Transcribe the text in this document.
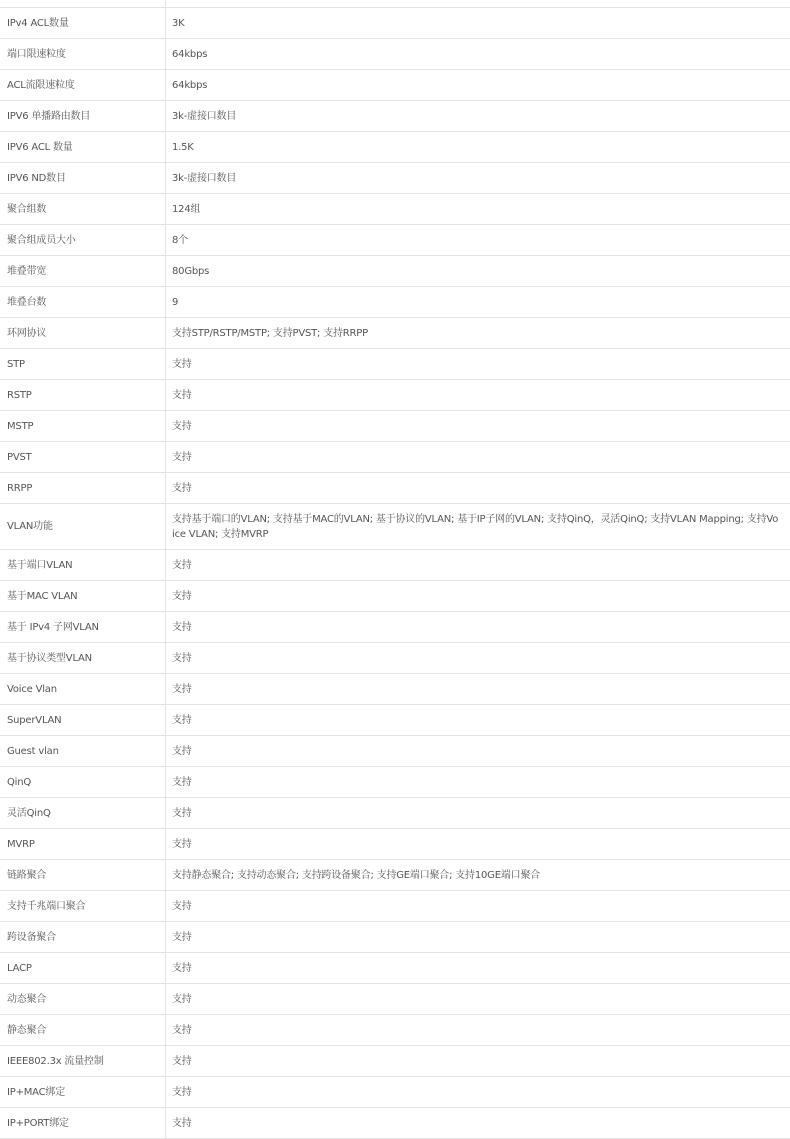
IPv4 ACL数量	3K
端口限速粒度	64kbps
ACL流限速粒度	64kbps
IPV6 单播路由数目	3k-虚接口数目
IPV6 ACL 数量	1.5K
IPV6 ND数目	3k-虚接口数目
聚合组数	124组
聚合组成员大小	8个
堆叠带宽	80Gbps
堆叠台数	9
环网协议	支持STP/RSTP/MSTP; 支持PVST; 支持RRPP
STP	支持
RSTP	支持
MSTP	支持
PVST	支持
RRPP	支持
VLAN功能	支持基于端口的VLAN; 支持基于MAC的VLAN; 基于协议的VLAN; 基于IP子网的VLAN; 支持QinQ，灵活QinQ; 支持VLAN Mapping; 支持Voice VLAN; 支持MVRP
基于端口VLAN	支持
基于MAC VLAN	支持
基于 IPv4 子网VLAN	支持
基于协议类型VLAN	支持
Voice Vlan	支持
SuperVLAN	支持
Guest vlan	支持
QinQ	支持
灵活QinQ	支持
MVRP	支持
链路聚合	支持静态聚合; 支持动态聚合; 支持跨设备聚合; 支持GE端口聚合; 支持10GE端口聚合
支持千兆端口聚合	支持
跨设备聚合	支持
LACP	支持
动态聚合	支持
静态聚合	支持
IEEE802.3x 流量控制	支持
IP+MAC绑定	支持
IP+PORT绑定	支持
